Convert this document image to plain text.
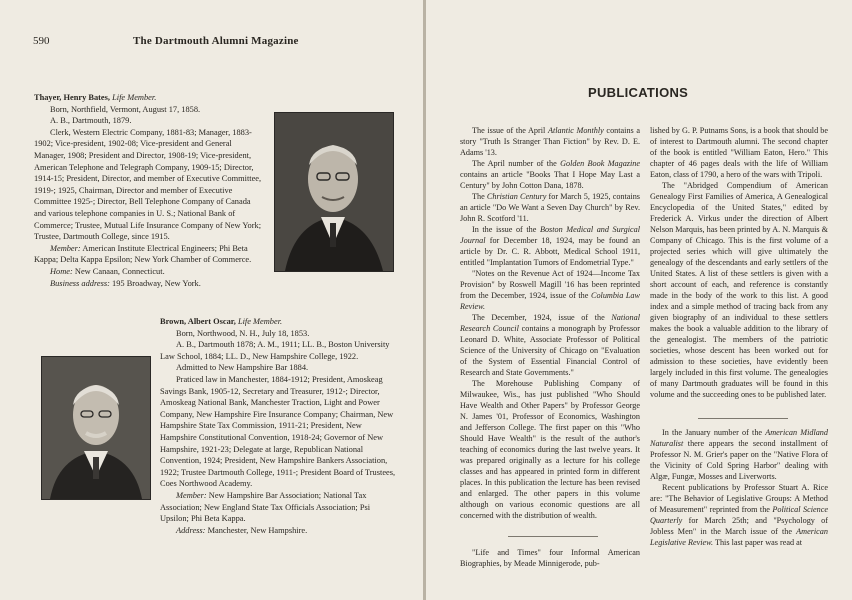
590	The Dartmouth Alumni Magazine

Thayer, Henry Bates, Life Member.

Born, Northfield, Vermont, August 17, 1858.

A. B., Dartmouth, 1879.

Clerk, Western Electric Company, 1881-83; Manager, 1883-1902; Vice-president, 1902-08; Vice-president and General Manager, 1908; President and Director, 1908-19; Vice-president, American Telephone and Telegraph Company, 1909-15; Director, 1914-15; President, Director, and member of Executive Committee, 1919-; 1925, Chairman, Director and member of Executive Committee 1925-; Director, Bell Telephone Company of Canada and various telephone companies in U. S.; National Bank of Commerce; Trustee, Mutual Life Insurance Company of New York; Trustee, Dartmouth College, since 1915.

Member: American Institute Electrical Engineers; Phi Beta Kappa; Delta Kappa Epsilon; New York Chamber of Commerce.

Home: New Canaan, Connecticut.

Business address: 195 Broadway, New York.

Brown, Albert Oscar, Life Member.

Born, Northwood, N. H., July 18, 1853.

A. B., Dartmouth 1878; A. M., 1911; LL. B., Boston University Law School, 1884; LL. D., New Hampshire College, 1922.

Admitted to New Hampshire Bar 1884.

Praticed law in Manchester, 1884-1912; President, Amoskeag Savings Bank, 1905-12, Secretary and Treasurer, 1912-; Director, Amoskeag National Bank, Manchester Traction, Light and Power Company, New Hampshire Fire Insurance Company; Chairman, New Hampshire State Tax Commission, 1911-21; President, New Hampshire Constitutional Convention, 1918-24; Governor of New Hampshire, 1921-23; Delegate at large, Republican National Convention, 1924; President, New Hampshire Bankers Association, 1922; Trustee Dartmouth College, 1911-; President Board of Trustees, Coes Northwood Academy.

Member: New Hampshire Bar Association; National Tax Association; New England State Tax Officials Association; Psi Upsilon; Phi Beta Kappa.

Address: Manchester, New Hampshire.

PUBLICATIONS

The issue of the April Atlantic Monthly contains a story "Truth Is Stranger Than Fiction" by Rev. D. E. Adams '13.

The April number of the Golden Book Magazine contains an article "Books That I Hope May Last a Century" by John Cotton Dana, 1878.

The Christian Century for March 5, 1925, contains an article "Do We Want a Seven Day Church" by Rev. John R. Scotford '11.

In the issue of the Boston Medical and Surgical Journal for December 18, 1924, may be found an article by Dr. C. R. Abbott, Medical School 1911, entitled "Implantation Tumors of Endometrial Type."

"Notes on the Revenue Act of 1924—Income Tax Provision" by Roswell Magill '16 has been reprinted from the December, 1924, issue of the Columbia Law Review.

The December, 1924, issue of the National Research Council contains a monograph by Professor Leonard D. White, Associate Professor of Political Science of the University of Chicago on "Evaluation of the System of Essential Financial Control of Research and State Governments."

The Morehouse Publishing Company of Milwaukee, Wis., has just published "Who Should Have Wealth and Other Papers" by Professor George N. James '01, Professor of Economics, Washington and Jefferson College. The first paper on this "Who Should Have Wealth" is the result of the author's teaching of economics during the last twelve years. It was prepared originally as a lecture for his college classes and has appeared in printed form in different places. In this publication the lecture has been revised and enlarged. The other papers in this volume although on various economic questions are all concerned with the distribution of wealth.

"Life and Times" four Informal American Biographies, by Meade Minnigerode, pub-

lished by G. P. Putnams Sons, is a book that should be of interest to Dartmouth alumni. The second chapter of the book is entitled "William Eaton, Hero." This chapter of 46 pages deals with the life of William Eaton, class of 1790, a hero of the wars with Tripoli.

The "Abridged Compendium of American Genealogy First Families of America, A Genealogical Encyclopedia of the United States," edited by Frederick A. Virkus under the direction of Albert Nelson Marquis, has been printed by A. N. Marquis & Company of Chicago. This is the first volume of a projected series which will give ultimately the genealogy of the descendants and early settlers of the United States. A list of these settlers is given with a short account of each, and reference is constantly made in the body of the work to this list. A good index and a simple method of tracing back from any given biography of an individual to these settlers makes the book a valuable addition to the library of the genealogist. The members of the patriotic societies, whose descent has been worked out for admission to these societies, have evidently been largely included in this first volume. The genealogies of many Dartmouth graduates will be found in this volume and the succeeding ones to be published later.

In the January number of the American Midland Naturalist there appears the second installment of Professor N. M. Grier's paper on the "Native Flora of the Vicinity of Cold Spring Harbor" dealing with Algæ, Fungæ, Mosses and Liverworts.

Recent publications by Professor Stuart A. Rice are: "The Behavior of Legislative Groups: A Method of Measurement" reprinted from the Political Science Quarterly for March 25th; and "Psychology of Jobless Men" in the March issue of the American Legislative Review. This last paper was read at
